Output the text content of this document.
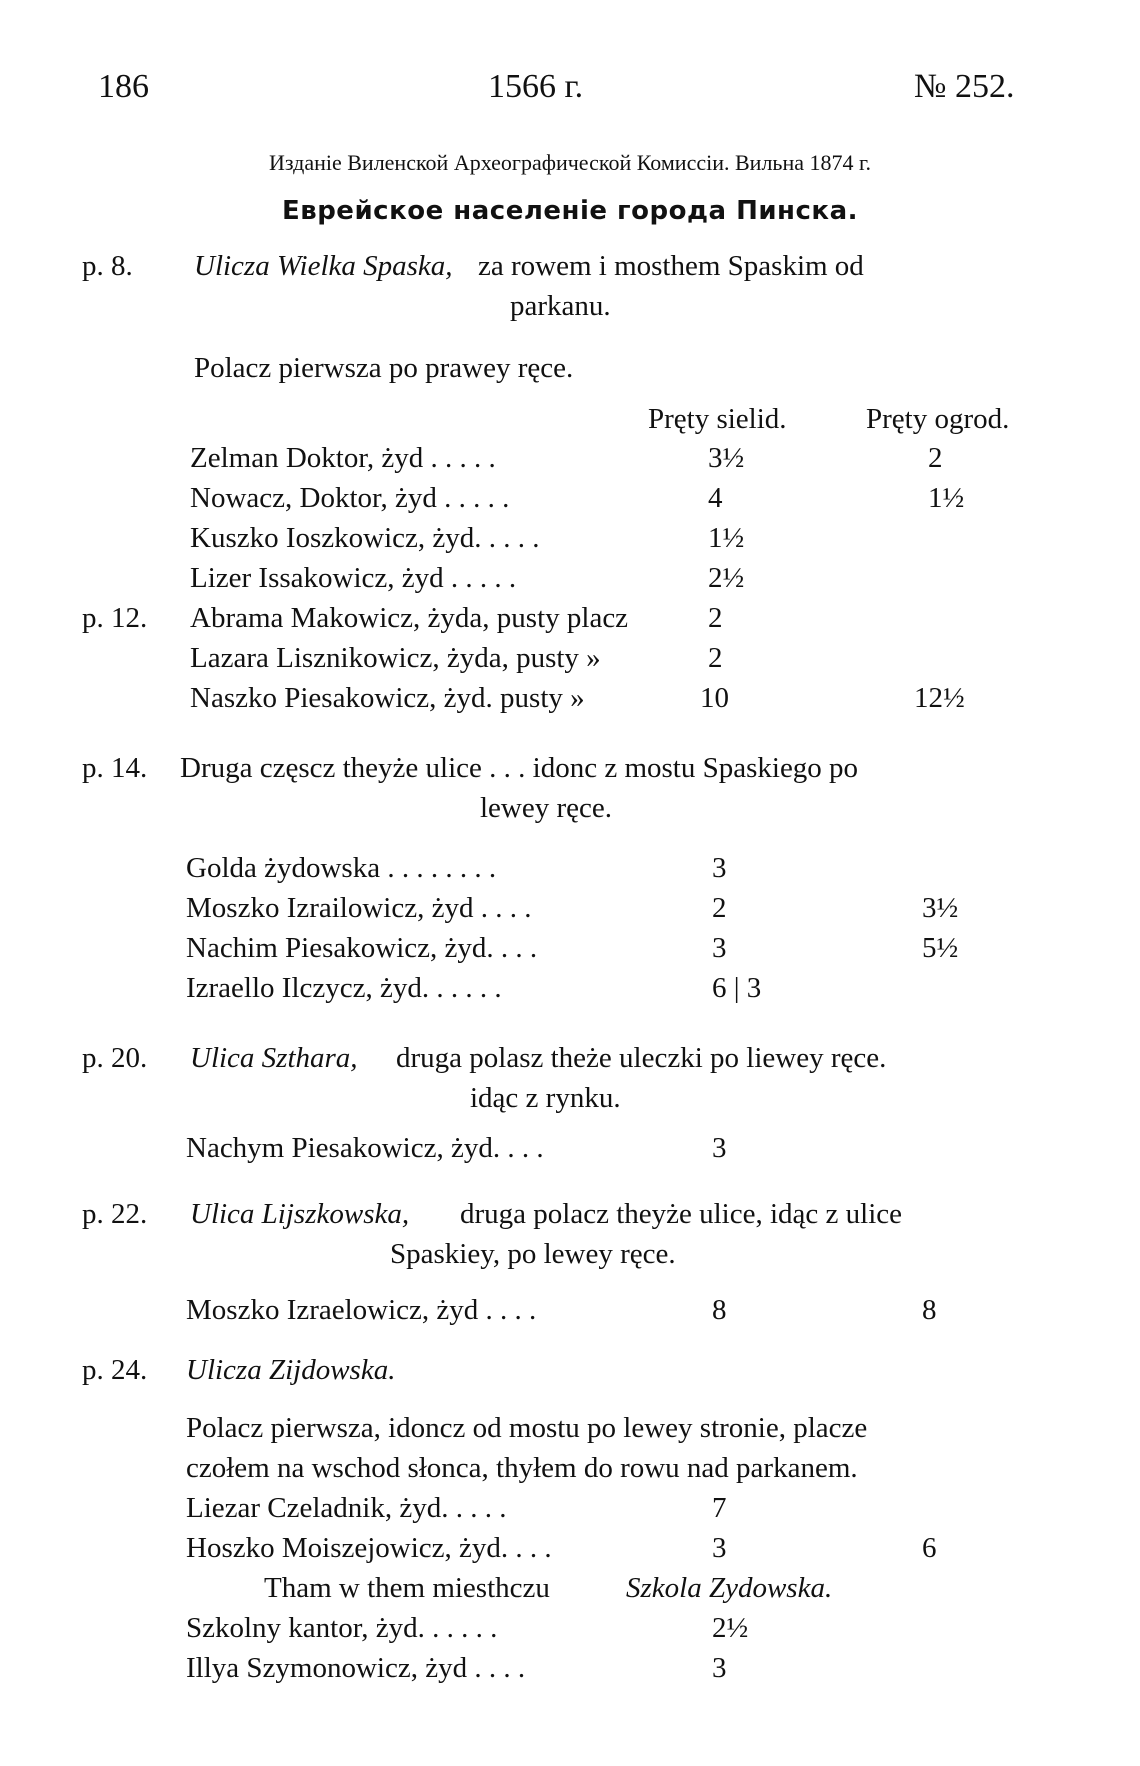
186	1566 г.	№ 252.
Изданіе Виленской Археографической Комиссіи. Вильна 1874 г.
Еврейское населеніе города Пинска.
p. 8. Ulicza Wielka Spaska, za rowem i mosthem Spaskim od
parkanu.
Polacz pierwsza po prawey ręce.
Pręty sielid.	Pręty ogrod.
Zelman Doktor, żyd . . . . .	3½	2
Nowacz, Doktor, żyd . . . . .	4	1½
Kuszko Ioszkowicz, żyd. . . . .	1½
Lizer Issakowicz, żyd . . . . .	2½
p. 12. Abrama Makowicz, żyda, pusty placz	2
Lazara Lisznikowicz, żyda, pusty »	2
Naszko Piesakowicz, żyd. pusty »	10	12½
p. 14. Druga częscz theyże ulice . . . idonc z mostu Spaskiego po
lewey ręce.
Golda żydowska . . . . . . . .	3
Moszko Izrailowicz, żyd . . . .	2	3½
Nachim Piesakowicz, żyd. . . .	3	5½
Izraello Ilczycz, żyd. . . . . .	6 | 3
p. 20. Ulica Szthara, druga polasz theże uleczki po liewey ręce.
idąc z rynku.
Nachym Piesakowicz, żyd. . . .	3
p. 22. Ulica Lijszkowska, druga polacz theyże ulice, idąc z ulice
Spaskiey, po lewey ręce.
Moszko Izraelowicz, żyd . . . .	8	8
p. 24. Ulicza Zijdowska.
Polacz pierwsza, idoncz od mostu po lewey stronie, placze
czołem na wschod słonca, thyłem do rowu nad parkanem.
Liezar Czeladnik, żyd. . . . .	7
Hoszko Moiszejowicz, żyd. . . .	3	6
Tham w them miesthczu	Szkola Zydowska.
Szkolny kantor, żyd. . . . . .	2½
Illya Szymonowicz, żyd . . . .	3
